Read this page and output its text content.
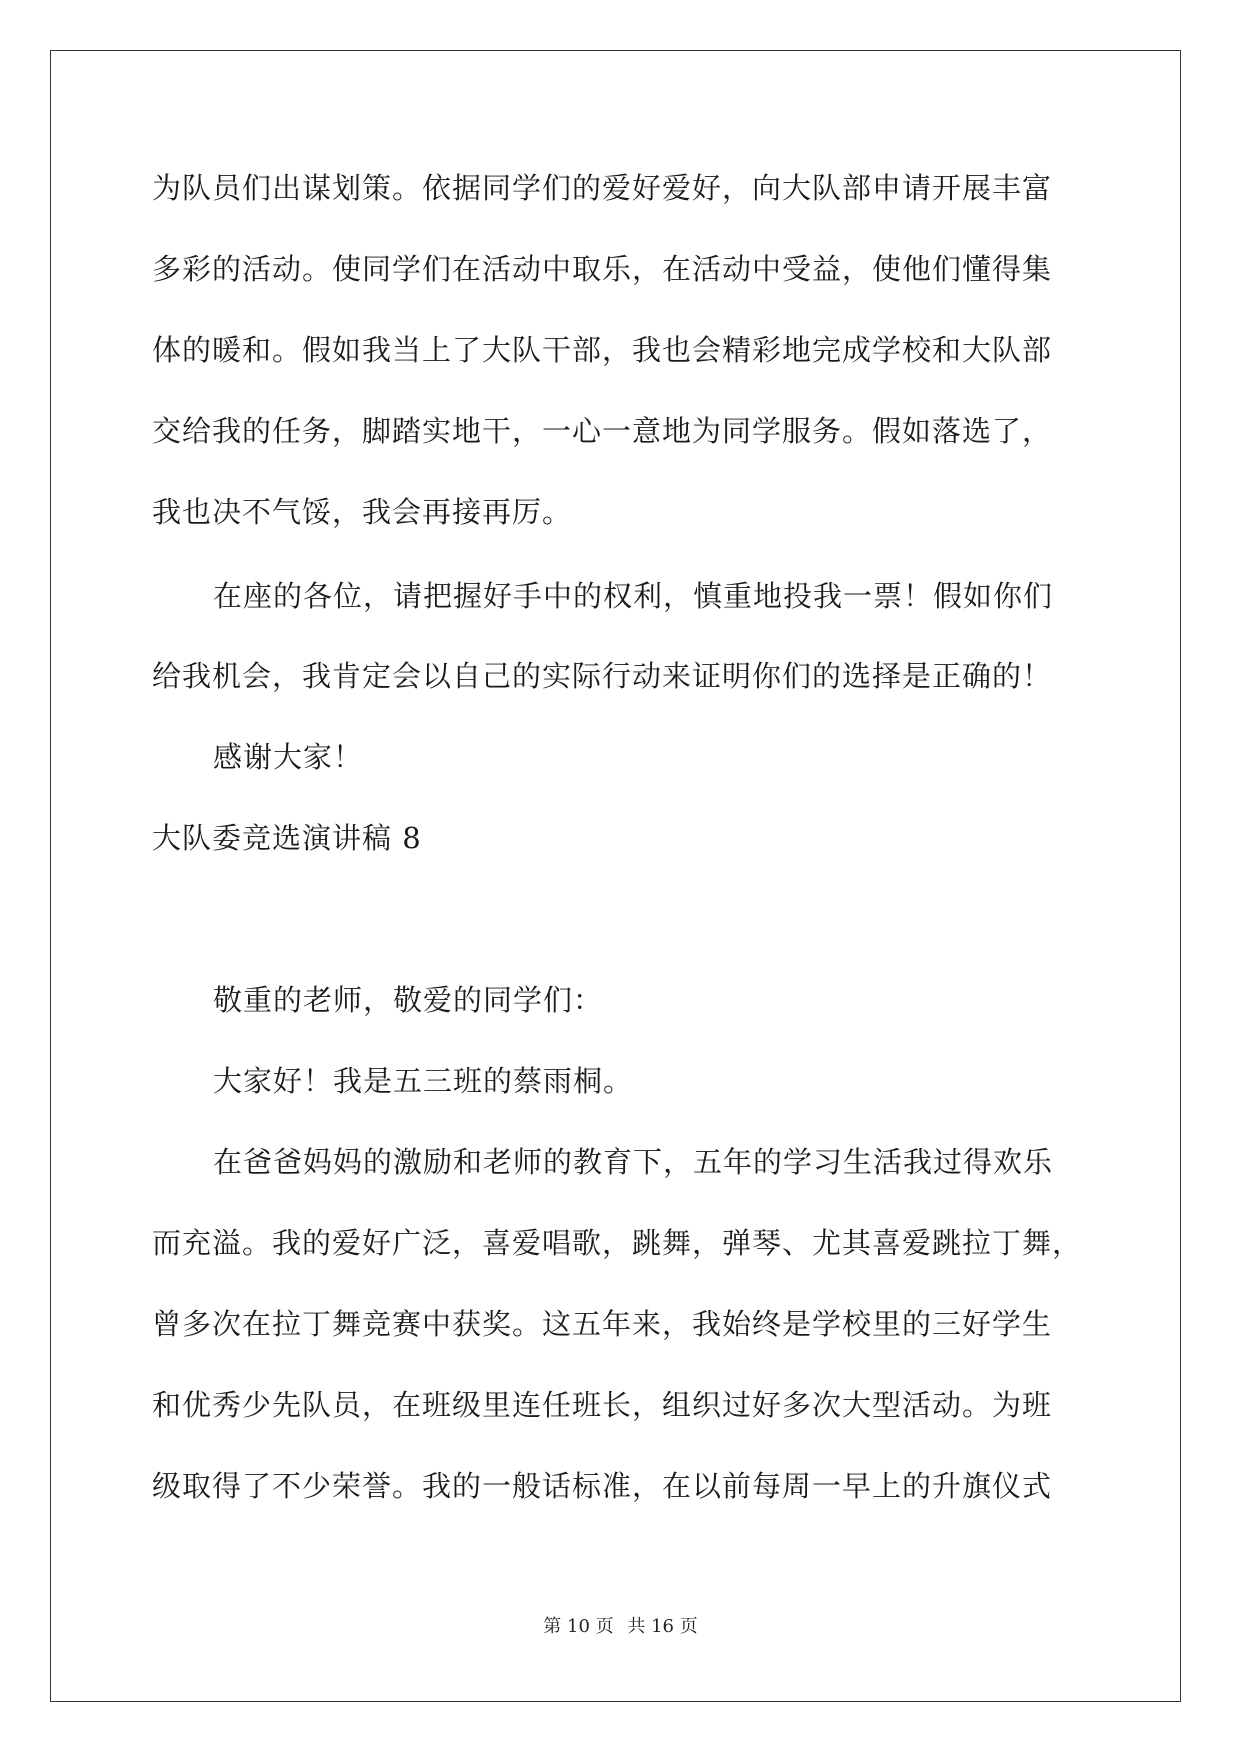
为队员们出谋划策。依据同学们的爱好爱好，向大队部申请开展丰富
多彩的活动。使同学们在活动中取乐，在活动中受益，使他们懂得集
体的暖和。假如我当上了大队干部，我也会精彩地完成学校和大队部
交给我的任务，脚踏实地干，一心一意地为同学服务。假如落选了，
我也决不气馁，我会再接再厉。
在座的各位，请把握好手中的权利，慎重地投我一票！假如你们
给我机会，我肯定会以自己的实际行动来证明你们的选择是正确的！
感谢大家！
大队委竞选演讲稿 8
敬重的老师，敬爱的同学们：
大家好！我是五三班的蔡雨桐。
在爸爸妈妈的激励和老师的教育下，五年的学习生活我过得欢乐
而充溢。我的爱好广泛，喜爱唱歌，跳舞，弹琴、尤其喜爱跳拉丁舞，
曾多次在拉丁舞竞赛中获奖。这五年来，我始终是学校里的三好学生
和优秀少先队员，在班级里连任班长，组织过好多次大型活动。为班
级取得了不少荣誉。我的一般话标准，在以前每周一早上的升旗仪式
第 10 页 共 16 页
